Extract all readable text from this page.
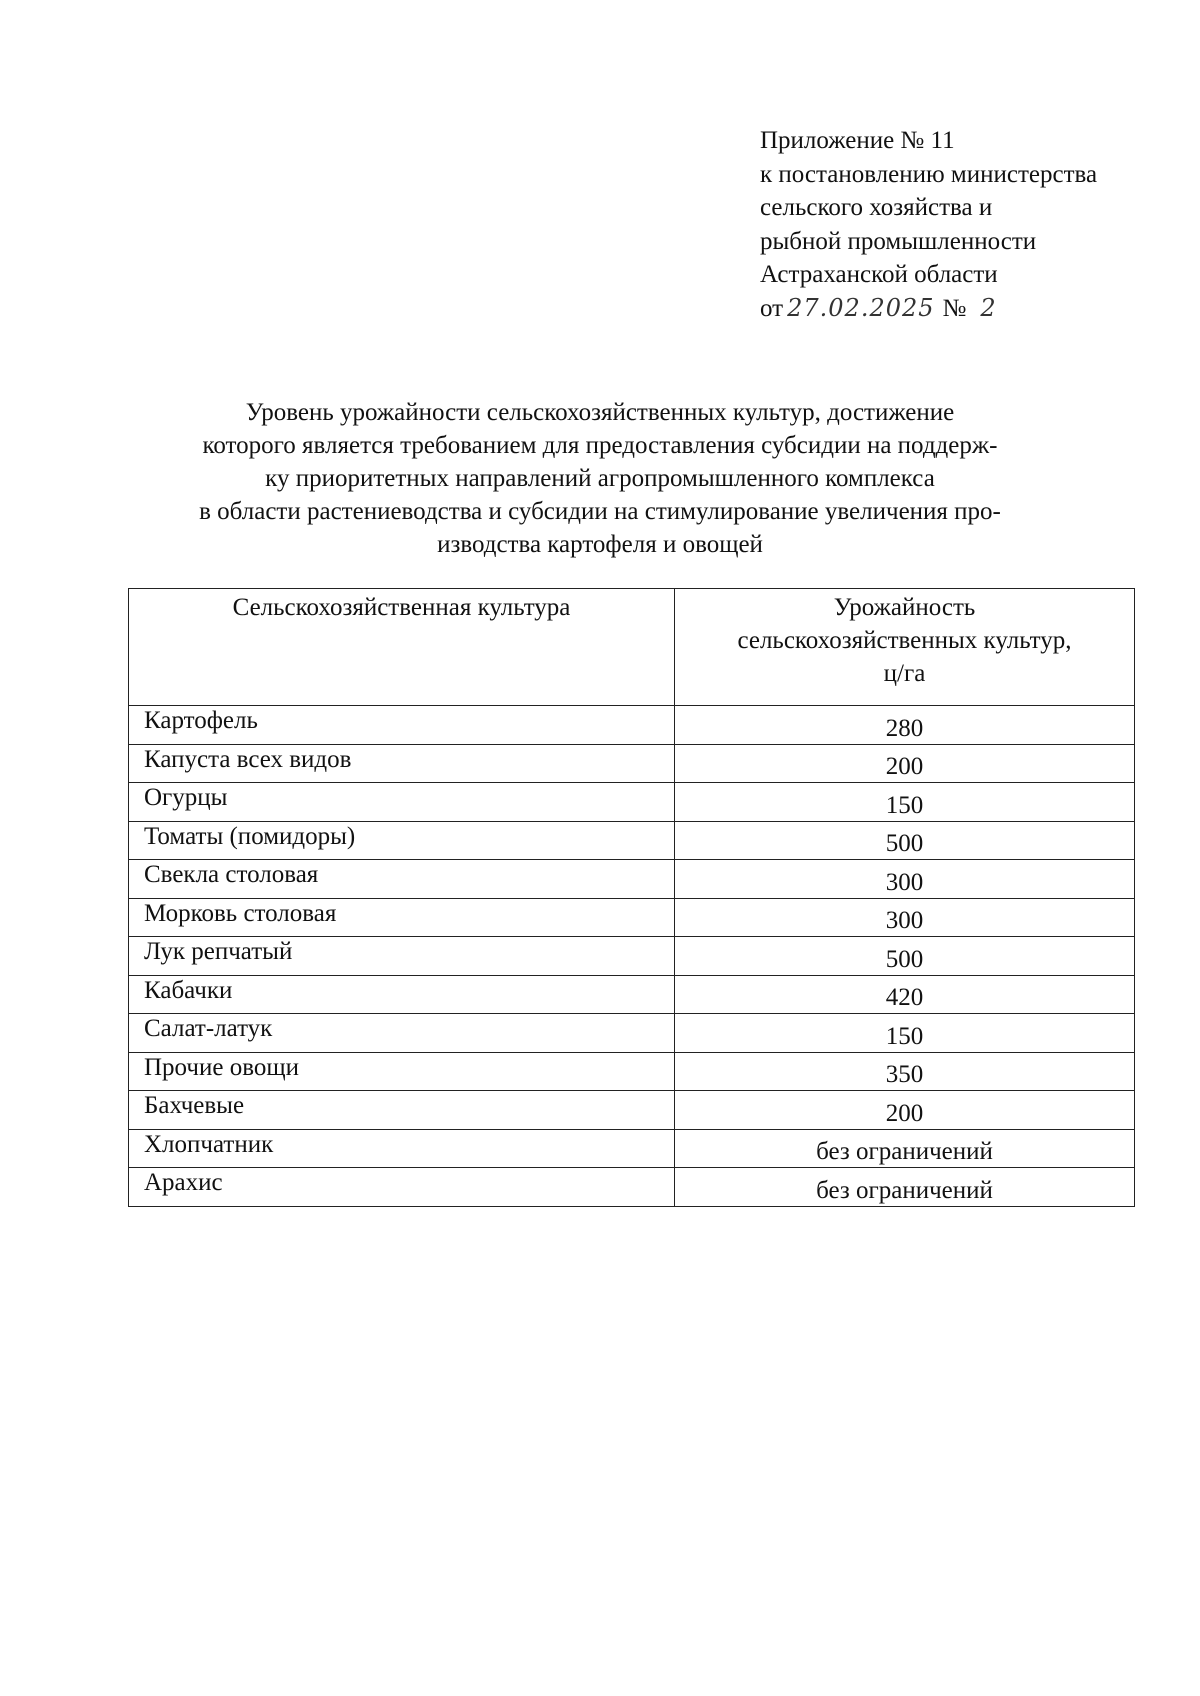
Приложение № 11
к постановлению министерства
сельского хозяйства и
рыбной промышленности
Астраханской области
от 27.02.2025 № 2
Уровень урожайности сельскохозяйственных культур, достижение
которого является требованием для предоставления субсидии на поддерж-
ку приоритетных направлений агропромышленного комплекса
в области растениеводства и субсидии на стимулирование увеличения про-
изводства картофеля и овощей
Сельскохозяйственная культура	Урожайность
сельскохозяйственных культур,
ц/га

Картофель	280
Капуста всех видов	200
Огурцы	150
Томаты (помидоры)	500
Свекла столовая	300
Морковь столовая	300
Лук репчатый	500
Кабачки	420
Салат-латук	150
Прочие овощи	350
Бахчевые	200
Хлопчатник	без ограничений
Арахис	без ограничений
